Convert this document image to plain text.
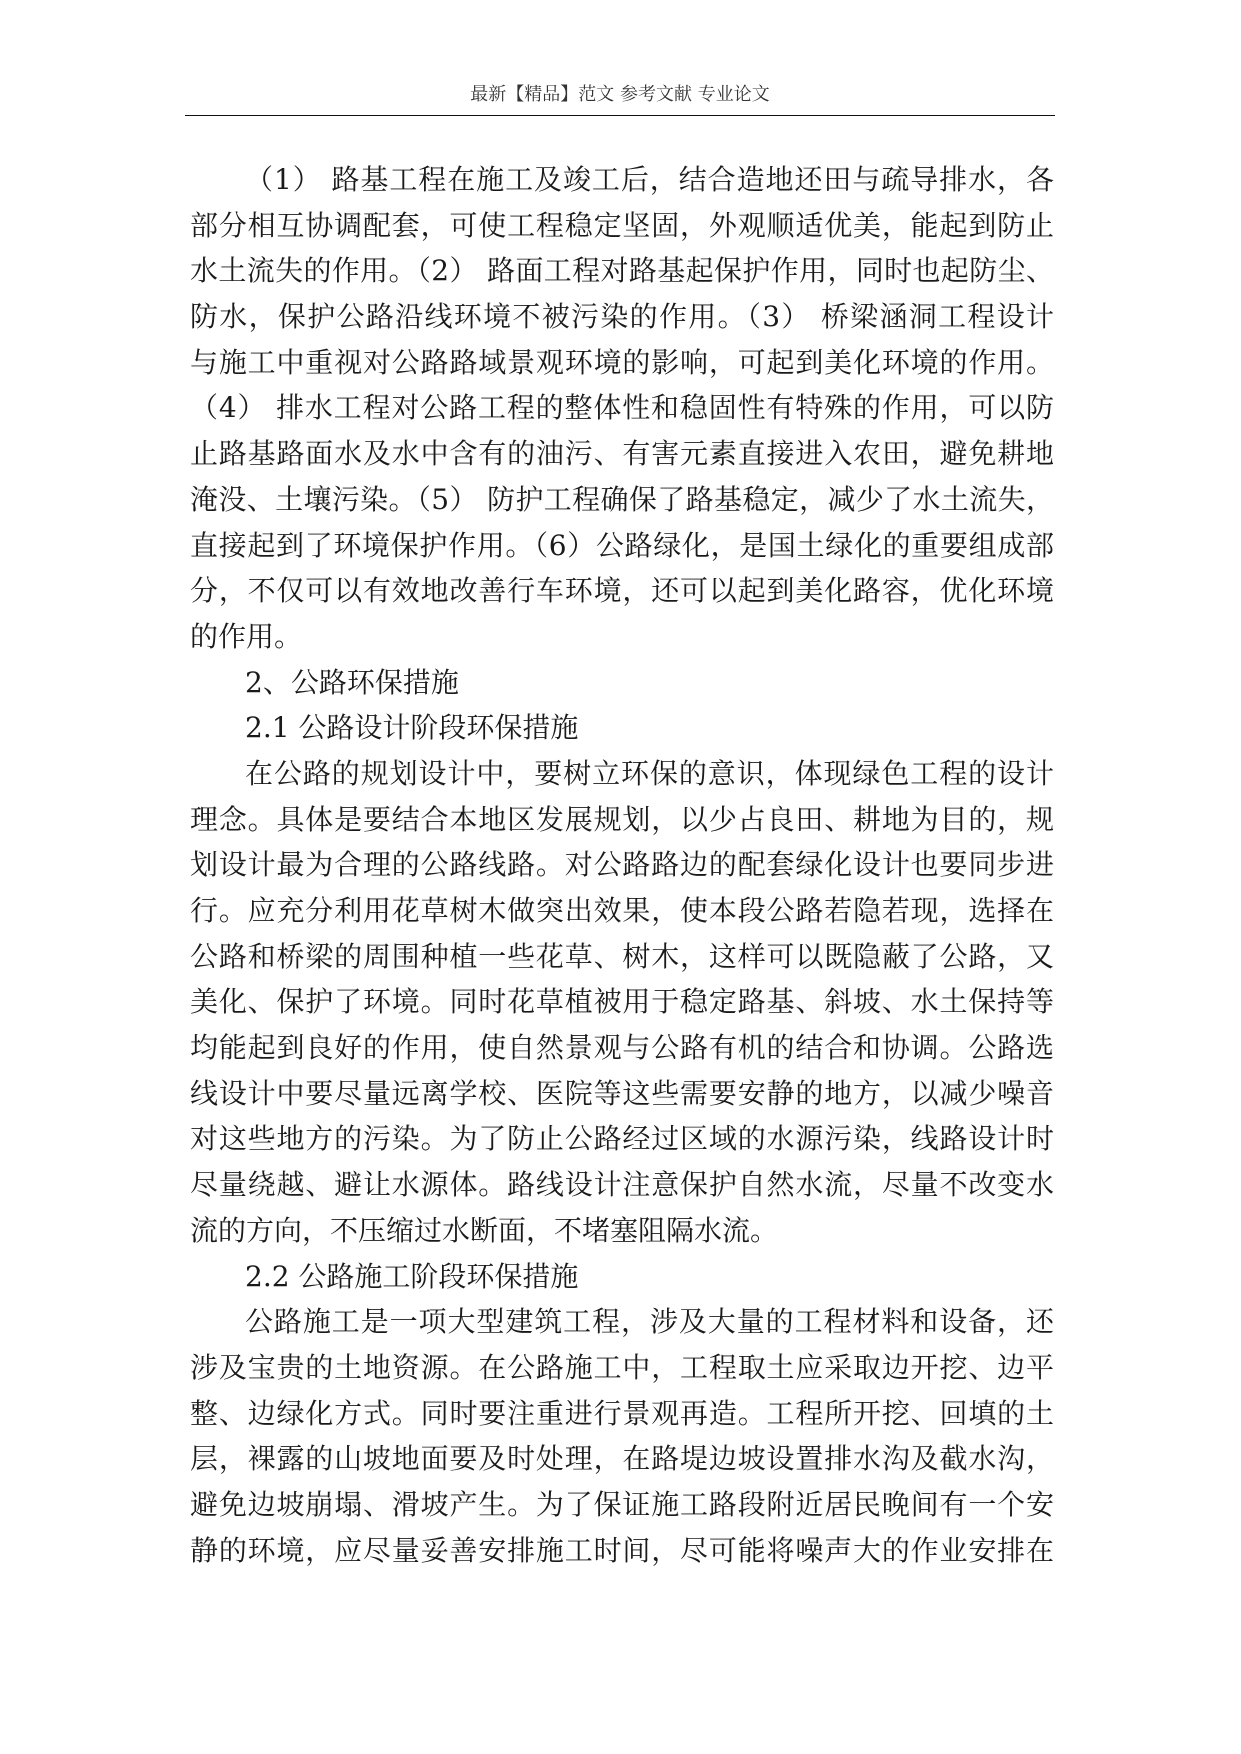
最新【精品】范文 参考文献 专业论文
（1） 路基工程在施工及竣工后，结合造地还田与疏导排水，各
部分相互协调配套，可使工程稳定坚固，外观顺适优美，能起到防止
水土流失的作用。（2） 路面工程对路基起保护作用，同时也起防尘、
防水，保护公路沿线环境不被污染的作用。（3） 桥梁涵洞工程设计
与施工中重视对公路路域景观环境的影响，可起到美化环境的作用。
（4） 排水工程对公路工程的整体性和稳固性有特殊的作用，可以防
止路基路面水及水中含有的油污、有害元素直接进入农田，避免耕地
淹没、土壤污染。（5） 防护工程确保了路基稳定，减少了水土流失，
直接起到了环境保护作用。（6）公路绿化，是国土绿化的重要组成部
分，不仅可以有效地改善行车环境，还可以起到美化路容，优化环境
的作用。
2、公路环保措施
2.1 公路设计阶段环保措施
在公路的规划设计中，要树立环保的意识，体现绿色工程的设计
理念。具体是要结合本地区发展规划，以少占良田、耕地为目的，规
划设计最为合理的公路线路。对公路路边的配套绿化设计也要同步进
行。应充分利用花草树木做突出效果，使本段公路若隐若现，选择在
公路和桥梁的周围种植一些花草、树木，这样可以既隐蔽了公路，又
美化、保护了环境。同时花草植被用于稳定路基、斜坡、水土保持等
均能起到良好的作用，使自然景观与公路有机的结合和协调。公路选
线设计中要尽量远离学校、医院等这些需要安静的地方，以减少噪音
对这些地方的污染。为了防止公路经过区域的水源污染，线路设计时
尽量绕越、避让水源体。路线设计注意保护自然水流，尽量不改变水
流的方向，不压缩过水断面，不堵塞阻隔水流。
2.2 公路施工阶段环保措施
公路施工是一项大型建筑工程，涉及大量的工程材料和设备，还
涉及宝贵的土地资源。在公路施工中，工程取土应采取边开挖、边平
整、边绿化方式。同时要注重进行景观再造。工程所开挖、回填的土
层，裸露的山坡地面要及时处理，在路堤边坡设置排水沟及截水沟，
避免边坡崩塌、滑坡产生。为了保证施工路段附近居民晚间有一个安
静的环境，应尽量妥善安排施工时间，尽可能将噪声大的作业安排在
